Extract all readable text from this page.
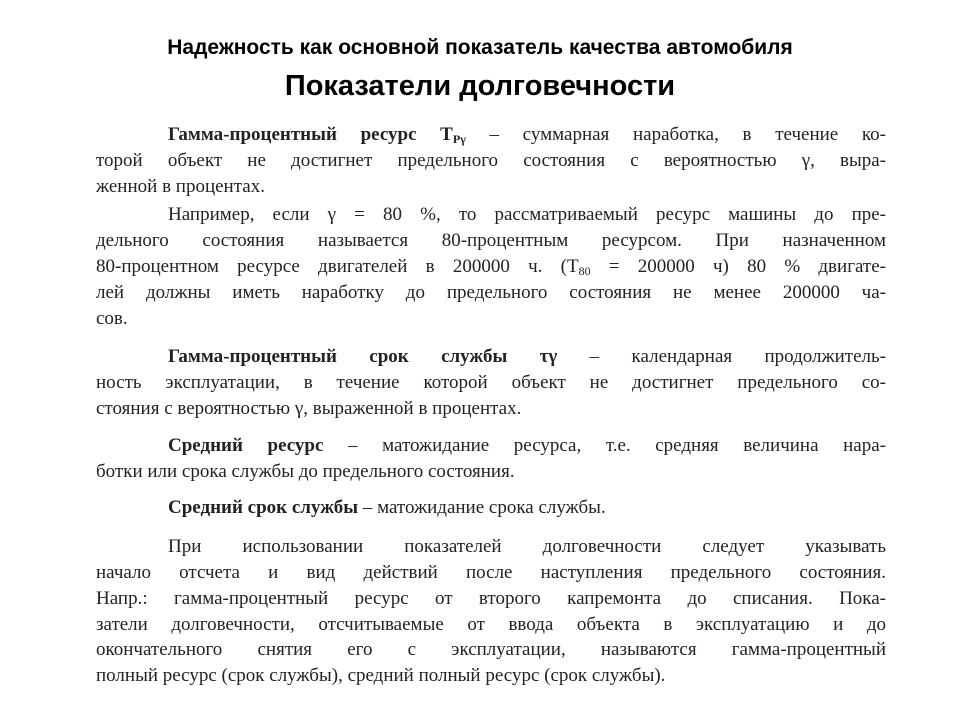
Надежность как основной показатель качества автомобиля
Показатели долговечности
Гамма-процентный ресурс $Т_{P\gamma}$ – суммарная наработка, в течение ко-
торой объект не достигнет предельного состояния с вероятностью γ, выра-
женной в процентах.
Например, если γ = 80 %, то рассматриваемый ресурс машины до пре-
дельного состояния называется 80-процентным ресурсом. При назначенном
80-процентном ресурсе двигателей в 200000 ч. ($Т_{80} = 200000$ ч) 80 % двигате-
лей должны иметь наработку до предельного состояния не менее 200000 ча-
сов.
Гамма-процентный срок службы τγ – календарная продолжитель-
ность эксплуатации, в течение которой объект не достигнет предельного со-
стояния с вероятностью γ, выраженной в процентах.
Средний ресурс – матожидание ресурса, т.е. средняя величина нара-
ботки или срока службы до предельного состояния.
Средний срок службы – матожидание срока службы.
При использовании показателей долговечности следует указывать
начало отсчета и вид действий после наступления предельного состояния.
Напр.: гамма-процентный ресурс от второго капремонта до списания. Пока-
затели долговечности, отсчитываемые от ввода объекта в эксплуатацию и до
окончательного снятия его с эксплуатации, называются гамма-процентный
полный ресурс (срок службы), средний полный ресурс (срок службы).
